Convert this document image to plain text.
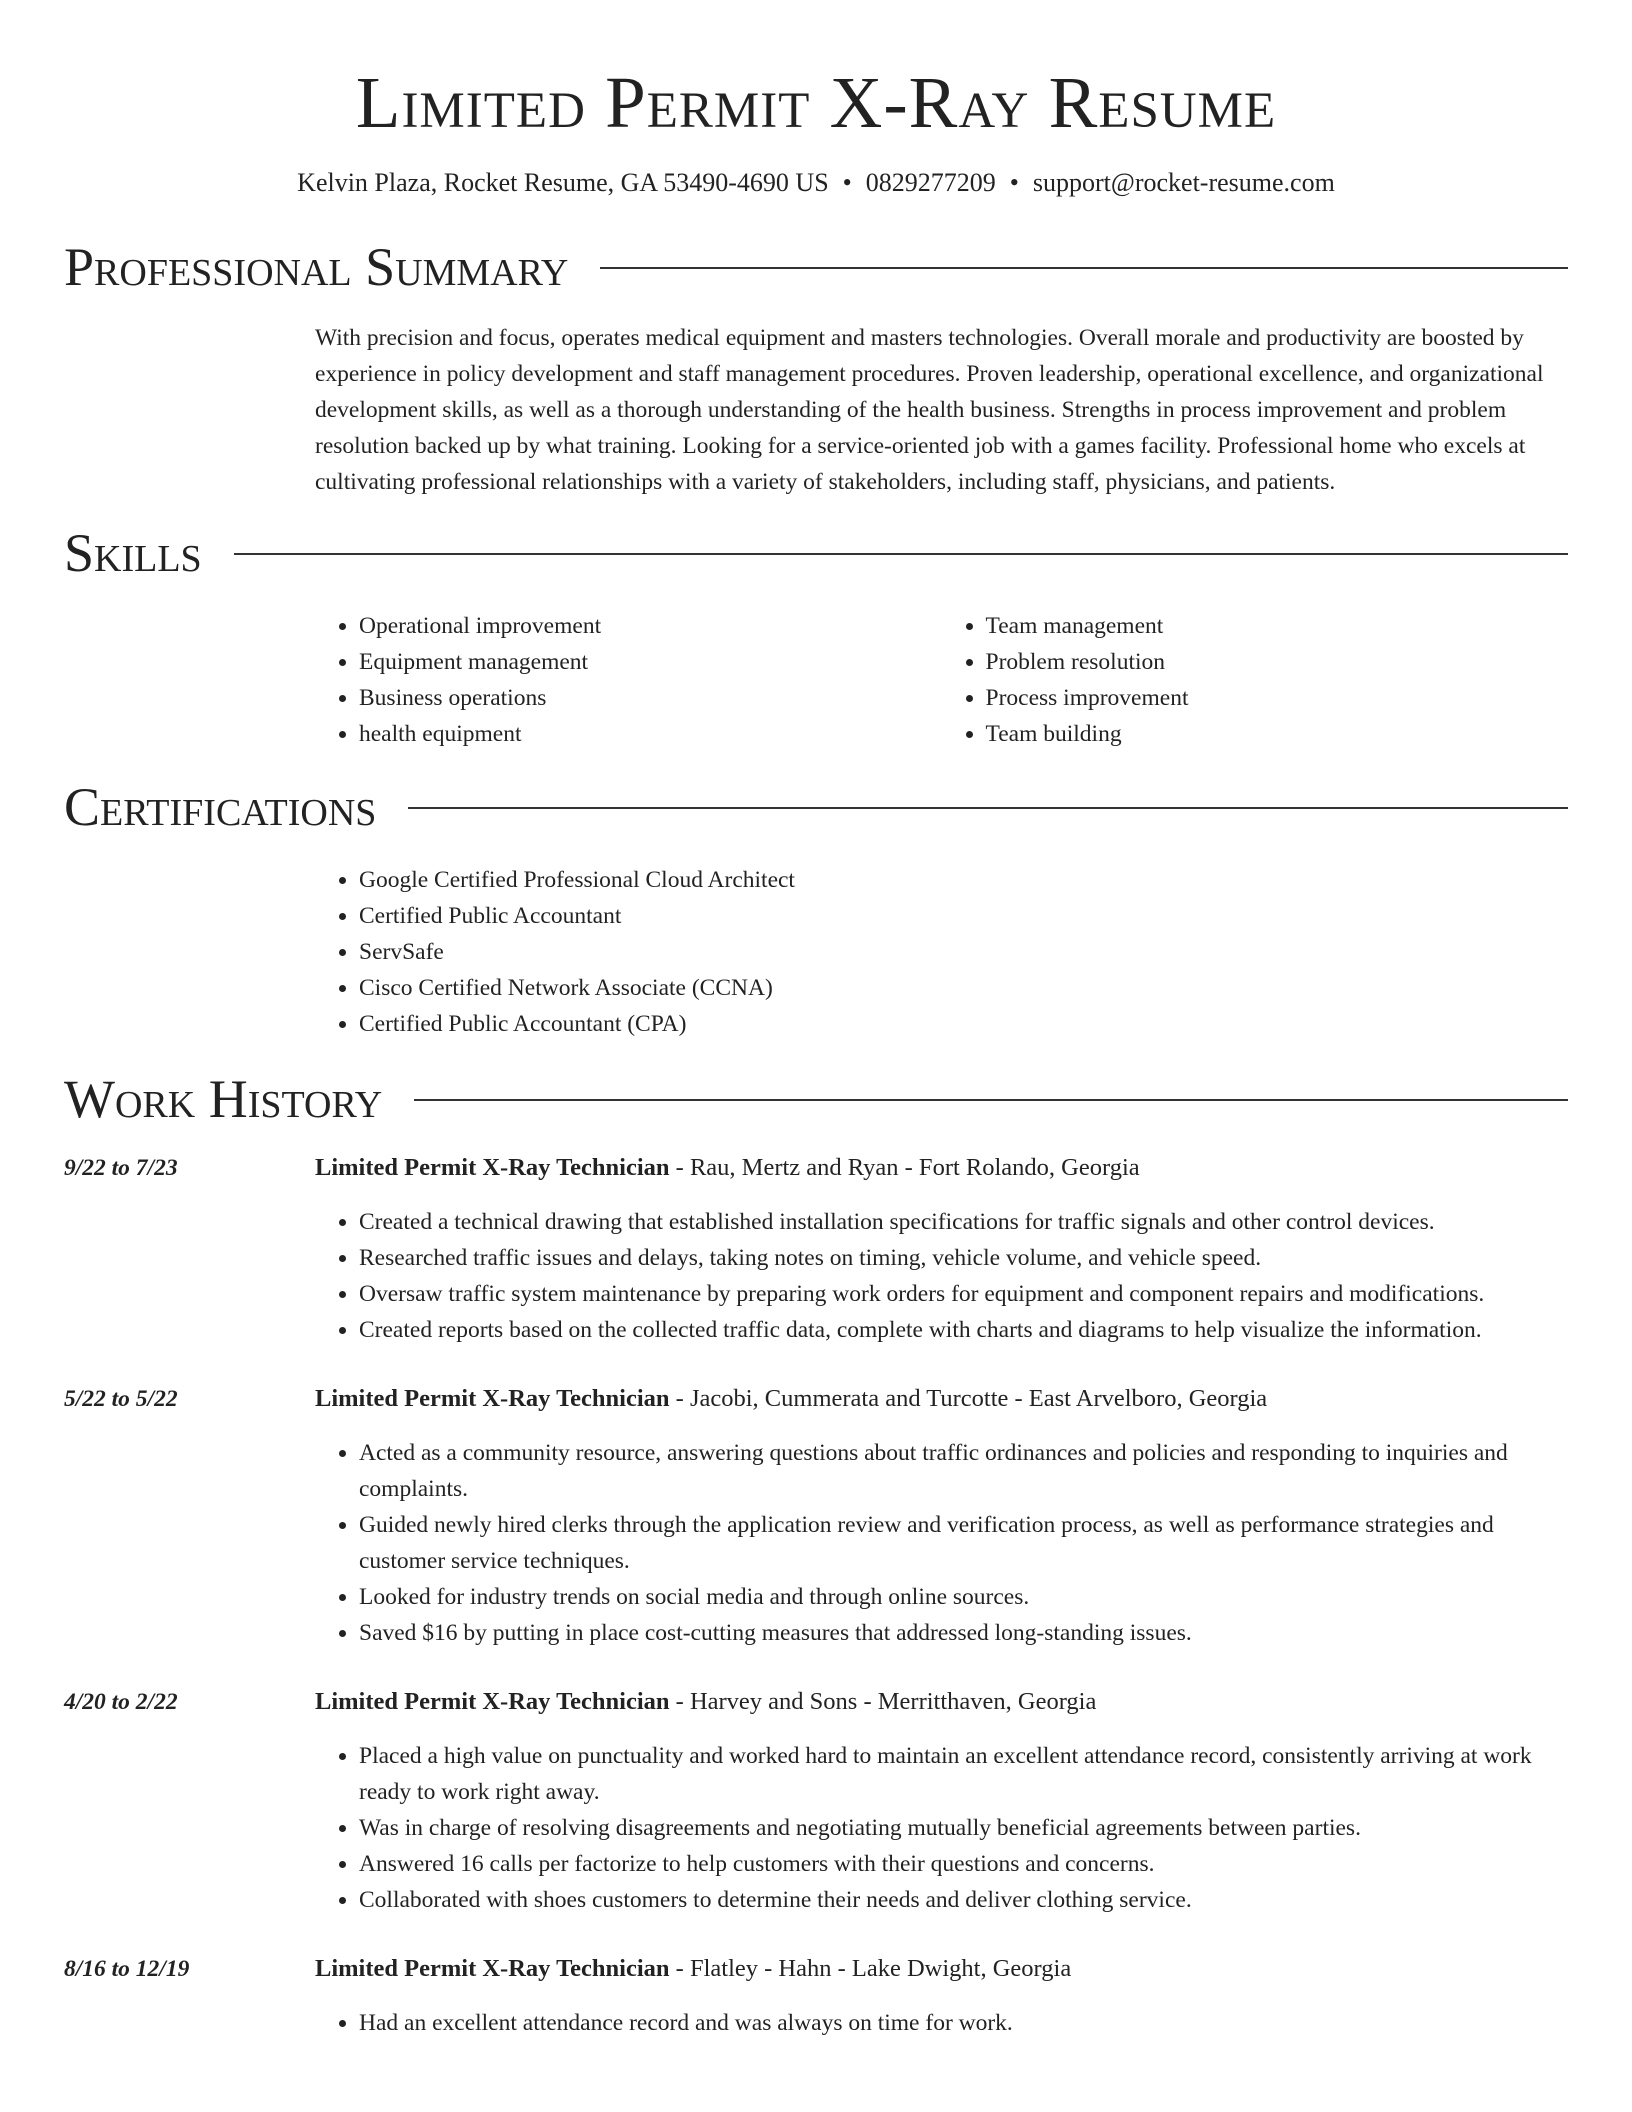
Limited Permit X-Ray Resume
Kelvin Plaza, Rocket Resume, GA 53490-4690 US • 0829277209 • support@rocket-resume.com
Professional Summary

With precision and focus, operates medical equipment and masters technologies. Overall morale and productivity are boosted by experience in policy development and staff management procedures. Proven leadership, operational excellence, and organizational development skills, as well as a thorough understanding of the health business. Strengths in process improvement and problem resolution backed up by what training. Looking for a service-oriented job with a games facility. Professional home who excels at cultivating professional relationships with a variety of stakeholders, including staff, physicians, and patients.

Skills
• Operational improvement
• Equipment management
• Business operations
• health equipment
• Team management
• Problem resolution
• Process improvement
• Team building
Certifications
• Google Certified Professional Cloud Architect
• Certified Public Accountant
• ServSafe
• Cisco Certified Network Associate (CCNA)
• Certified Public Accountant (CPA)
Work History
9/22 to 7/23	Limited Permit X-Ray Technician - Rau, Mertz and Ryan - Fort Rolando, Georgia
• Created a technical drawing that established installation specifications for traffic signals and other control devices.
• Researched traffic issues and delays, taking notes on timing, vehicle volume, and vehicle speed.
• Oversaw traffic system maintenance by preparing work orders for equipment and component repairs and modifications.
• Created reports based on the collected traffic data, complete with charts and diagrams to help visualize the information.
5/22 to 5/22	Limited Permit X-Ray Technician - Jacobi, Cummerata and Turcotte - East Arvelboro, Georgia
• Acted as a community resource, answering questions about traffic ordinances and policies and responding to inquiries and complaints.
• Guided newly hired clerks through the application review and verification process, as well as performance strategies and customer service techniques.
• Looked for industry trends on social media and through online sources.
• Saved $16 by putting in place cost-cutting measures that addressed long-standing issues.
4/20 to 2/22	Limited Permit X-Ray Technician - Harvey and Sons - Merritthaven, Georgia
• Placed a high value on punctuality and worked hard to maintain an excellent attendance record, consistently arriving at work ready to work right away.
• Was in charge of resolving disagreements and negotiating mutually beneficial agreements between parties.
• Answered 16 calls per factorize to help customers with their questions and concerns.
• Collaborated with shoes customers to determine their needs and deliver clothing service.
8/16 to 12/19	Limited Permit X-Ray Technician - Flatley - Hahn - Lake Dwight, Georgia
• Had an excellent attendance record and was always on time for work.
